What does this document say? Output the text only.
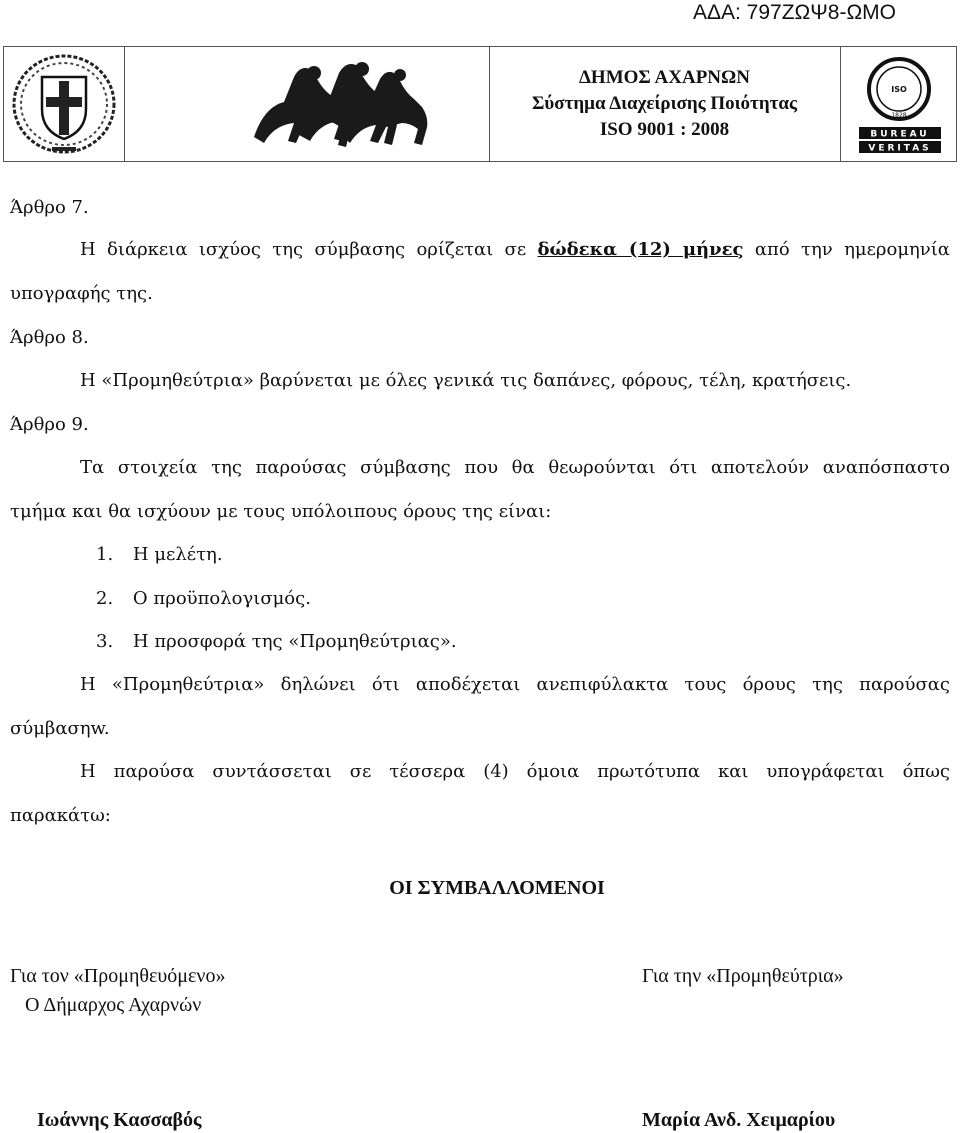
ΑΔΑ: 797ΖΩΨ8-ΩΜΟ
ΔΗΜΟΣ ΑΧΑΡΝΩΝ
Σύστημα Διαχείρισης Ποιότητας
ISO 9001 : 2008
ISO
1828
BUREAU
VERITAS
Άρθρο 7.
Η διάρκεια ισχύος της σύμβασης ορίζεται σε δώδεκα (12) μήνες από την ημερομηνία
υπογραφής της.
Άρθρο 8.
Η «Προμηθεύτρια» βαρύνεται με όλες γενικά τις δαπάνες, φόρους, τέλη, κρατήσεις.
Άρθρο 9.
Τα στοιχεία της παρούσας σύμβασης που θα θεωρούνται ότι αποτελούν αναπόσπαστο
τμήμα και θα ισχύουν με τους υπόλοιπους όρους της είναι:
1. Η μελέτη.
2. Ο προϋπολογισμός.
3. Η προσφορά της «Προμηθεύτριας».
Η «Προμηθεύτρια» δηλώνει ότι αποδέχεται ανεπιφύλακτα τους όρους της παρούσας
σύμβασηw.
Η παρούσα συντάσσεται σε τέσσερα (4) όμοια πρωτότυπα και υπογράφεται όπως
παρακάτω:
ΟΙ ΣΥΜΒΑΛΛΟΜΕΝΟΙ
Για τον «Προμηθευόμενο»
Ο Δήμαρχος Αχαρνών
Ιωάννης Κασσαβός
Για την «Προμηθεύτρια»
Μαρία Ανδ. Χειμαρίου
